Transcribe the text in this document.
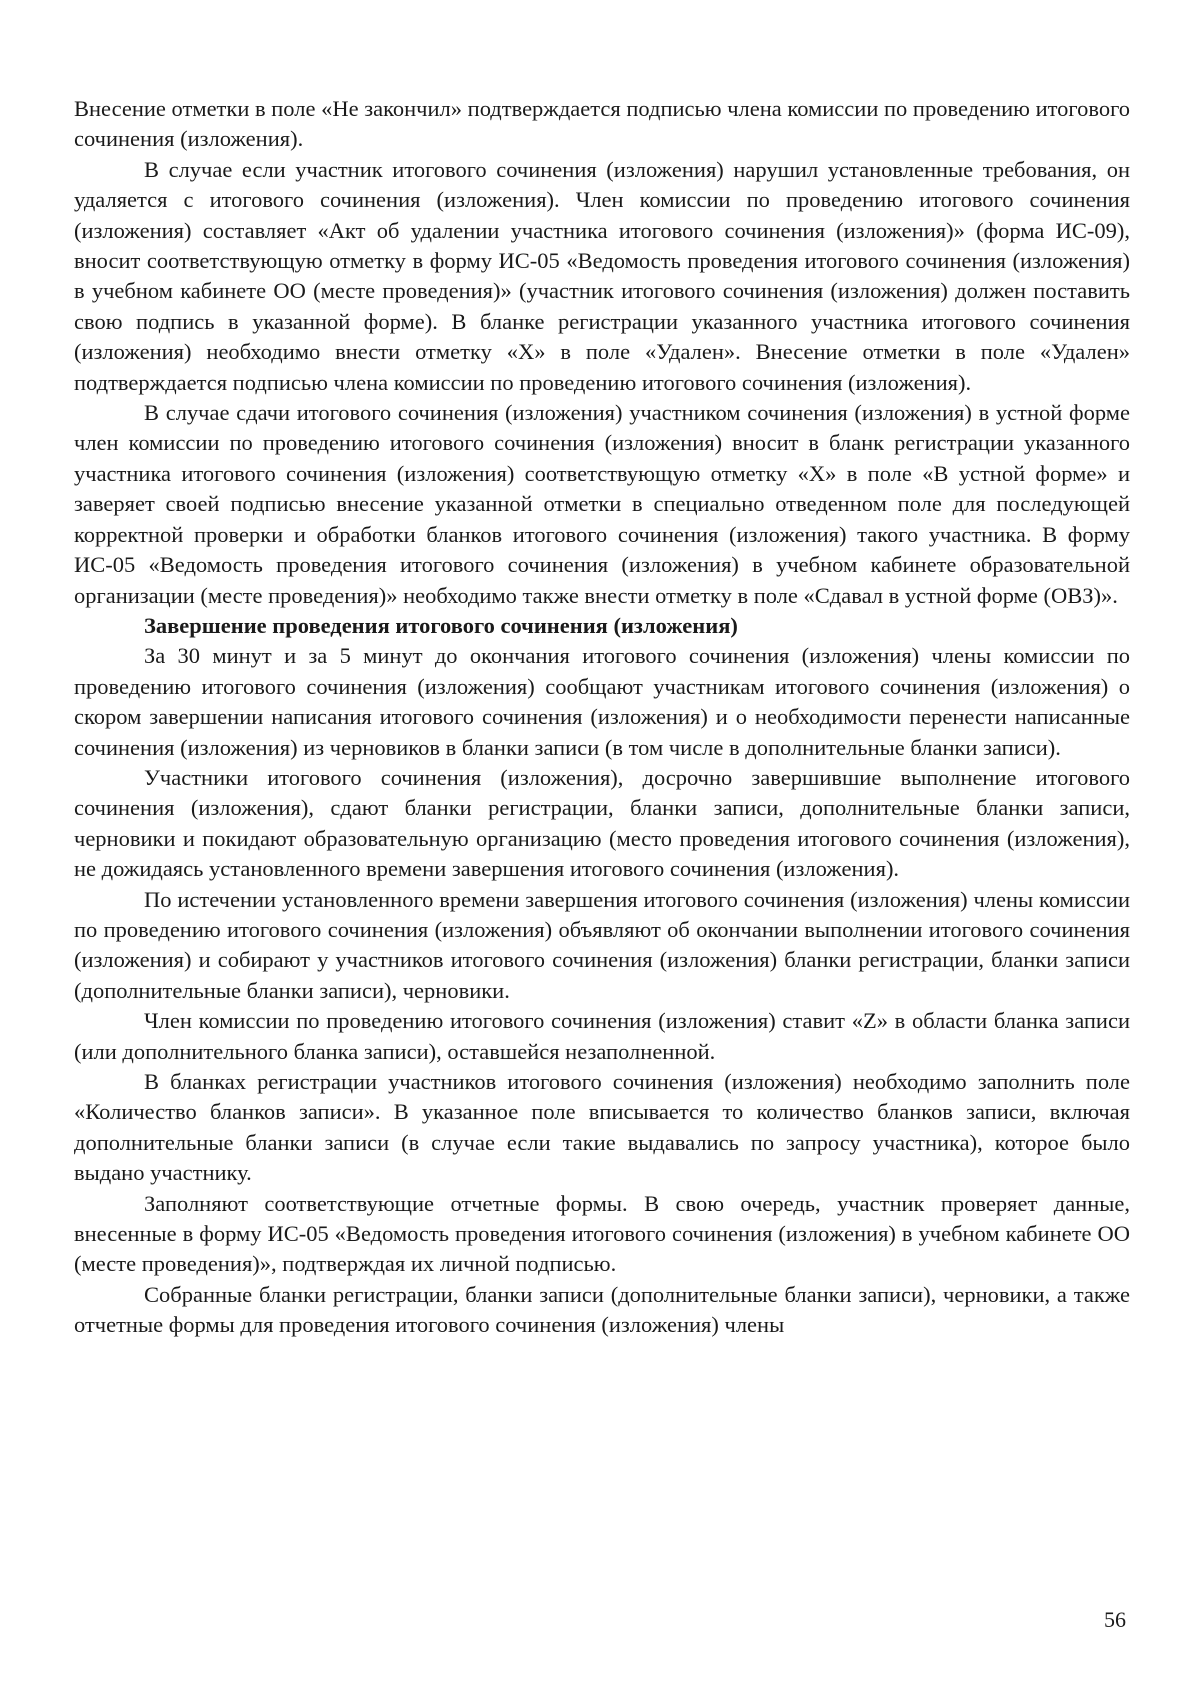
Внесение отметки в поле «Не закончил» подтверждается подписью члена комиссии по проведению итогового сочинения (изложения).

В случае если участник итогового сочинения (изложения) нарушил установленные требования, он удаляется с итогового сочинения (изложения). Член комиссии по проведению итогового сочинения (изложения) составляет «Акт об удалении участника итогового сочинения (изложения)» (форма ИС-09), вносит соответствующую отметку в форму ИС-05 «Ведомость проведения итогового сочинения (изложения) в учебном кабинете ОО (месте проведения)» (участник итогового сочинения (изложения) должен поставить свою подпись в указанной форме). В бланке регистрации указанного участника итогового сочинения (изложения) необходимо внести отметку «X» в поле «Удален». Внесение отметки в поле «Удален» подтверждается подписью члена комиссии по проведению итогового сочинения (изложения).

В случае сдачи итогового сочинения (изложения) участником сочинения (изложения) в устной форме член комиссии по проведению итогового сочинения (изложения) вносит в бланк регистрации указанного участника итогового сочинения (изложения) соответствующую отметку «X» в поле «В устной форме» и заверяет своей подписью внесение указанной отметки в специально отведенном поле для последующей корректной проверки и обработки бланков итогового сочинения (изложения) такого участника. В форму ИС-05 «Ведомость проведения итогового сочинения (изложения) в учебном кабинете образовательной организации (месте проведения)» необходимо также внести отметку в поле «Сдавал в устной форме (ОВЗ)».

Завершение проведения итогового сочинения (изложения)

За 30 минут и за 5 минут до окончания итогового сочинения (изложения) члены комиссии по проведению итогового сочинения (изложения) сообщают участникам итогового сочинения (изложения) о скором завершении написания итогового сочинения (изложения) и о необходимости перенести написанные сочинения (изложения) из черновиков в бланки записи (в том числе в дополнительные бланки записи).

Участники итогового сочинения (изложения), досрочно завершившие выполнение итогового сочинения (изложения), сдают бланки регистрации, бланки записи, дополнительные бланки записи, черновики и покидают образовательную организацию (место проведения итогового сочинения (изложения), не дожидаясь установленного времени завершения итогового сочинения (изложения).

По истечении установленного времени завершения итогового сочинения (изложения) члены комиссии по проведению итогового сочинения (изложения) объявляют об окончании выполнении итогового сочинения (изложения) и собирают у участников итогового сочинения (изложения) бланки регистрации, бланки записи (дополнительные бланки записи), черновики.

Член комиссии по проведению итогового сочинения (изложения) ставит «Z» в области бланка записи (или дополнительного бланка записи), оставшейся незаполненной.

В бланках регистрации участников итогового сочинения (изложения) необходимо заполнить поле «Количество бланков записи». В указанное поле вписывается то количество бланков записи, включая дополнительные бланки записи (в случае если такие выдавались по запросу участника), которое было выдано участнику.

Заполняют соответствующие отчетные формы. В свою очередь, участник проверяет данные, внесенные в форму ИС-05 «Ведомость проведения итогового сочинения (изложения) в учебном кабинете ОО (месте проведения)», подтверждая их личной подписью.

Собранные бланки регистрации, бланки записи (дополнительные бланки записи), черновики, а также отчетные формы для проведения итогового сочинения (изложения) члены

56
